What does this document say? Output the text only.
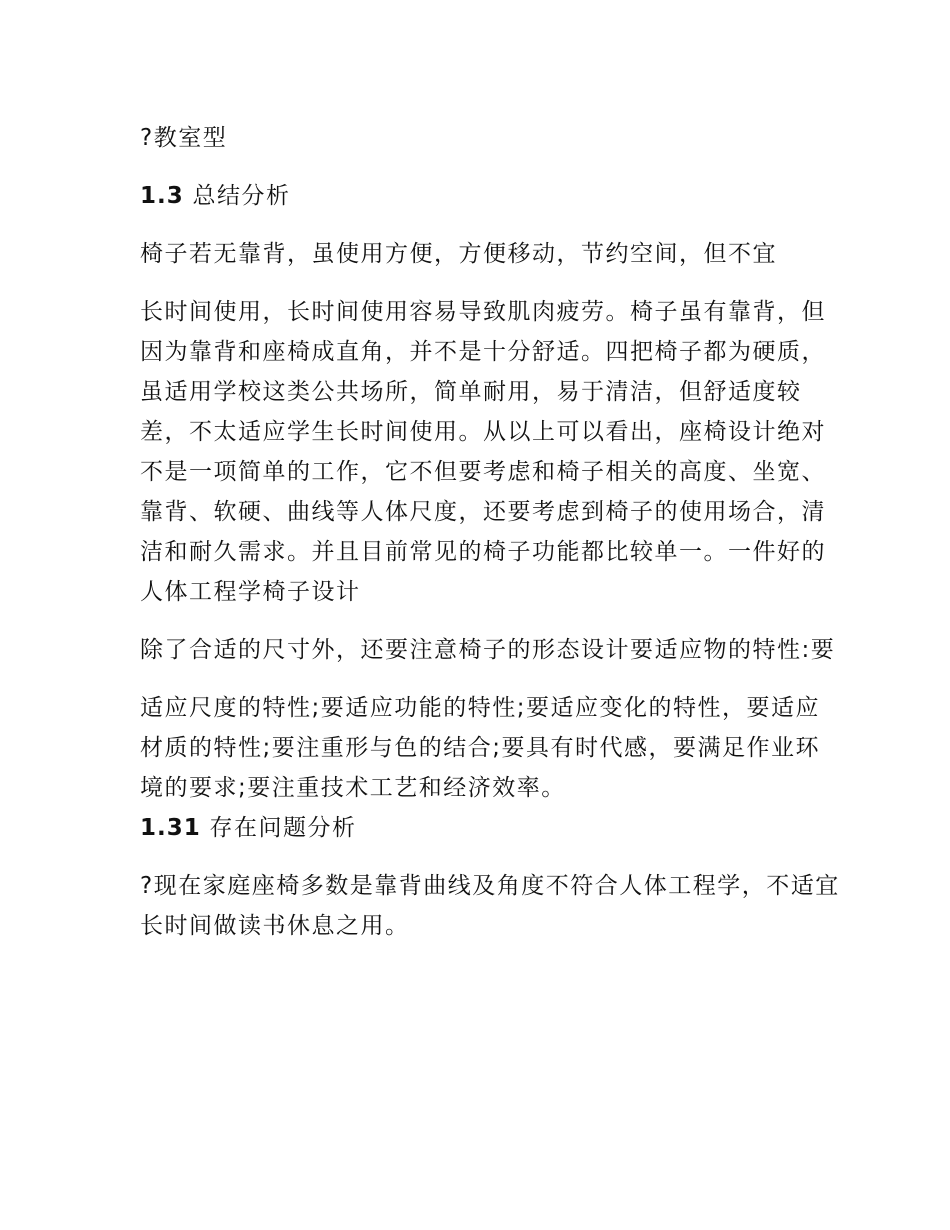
?教室型

1.3 总结分析

椅子若无靠背，虽使用方便，方便移动，节约空间，但不宜

长时间使用，长时间使用容易导致肌肉疲劳。椅子虽有靠背，但因为靠背和座椅成直角，并不是十分舒适。四把椅子都为硬质，虽适用学校这类公共场所，简单耐用，易于清洁，但舒适度较差，不太适应学生长时间使用。从以上可以看出，座椅设计绝对不是一项简单的工作，它不但要考虑和椅子相关的高度、坐宽、靠背、软硬、曲线等人体尺度，还要考虑到椅子的使用场合，清洁和耐久需求。并且目前常见的椅子功能都比较单一。一件好的人体工程学椅子设计

除了合适的尺寸外，还要注意椅子的形态设计要适应物的特性:要

适应尺度的特性;要适应功能的特性;要适应变化的特性，要适应材质的特性;要注重形与色的结合;要具有时代感，要满足作业环境的要求;要注重技术工艺和经济效率。

1.31 存在问题分析

?现在家庭座椅多数是靠背曲线及角度不符合人体工程学，不适宜长时间做读书休息之用。
